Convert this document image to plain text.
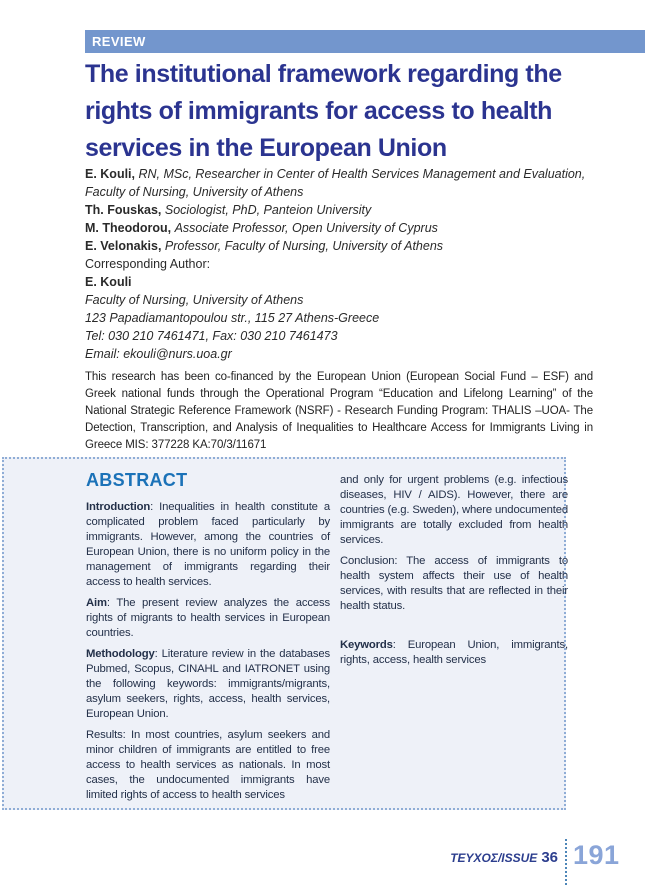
REVIEW
The institutional framework regarding the
rights of immigrants for access to health
services in the European Union
E. Kouli, RN, MSc, Researcher in Center of Health Services Management and Evaluation, Faculty of Nursing, University of Athens
Th. Fouskas, Sociologist, PhD, Panteion University
M. Theodorou, Associate Professor, Open University of Cyprus
E. Velonakis, Professor, Faculty of Nursing, University of Athens
Corresponding Author:
E. Kouli
Faculty of Nursing, University of Athens
123 Papadiamantopoulou str., 115 27 Athens-Greece
Tel: 030 210 7461471, Fax: 030 210 7461473
Email: ekouli@nurs.uoa.gr
This research has been co-financed by the European Union (European Social Fund – ESF) and Greek national funds through the Operational Program “Education and Lifelong Learning” of the National Strategic Reference Framework (NSRF) - Research Funding Program: THALIS –UOA- The Detection, Transcription, and Analysis of Inequalities to Healthcare Access for Immigrants Living in Greece MIS: 377228 KA:70/3/11671
ABSTRACT

Introduction: Inequalities in health constitute a complicated problem faced particularly by immigrants. However, among the countries of European Union, there is no uniform policy in the management of immigrants regarding their access to health services.

Aim: The present review analyzes the access rights of migrants to health services in European countries.

Methodology: Literature review in the databases Pubmed, Scopus, CINAHL and IATRONET using the following keywords: immigrants/migrants, asylum seekers, rights, access, health services, European Union.

Results: In most countries, asylum seekers and minor children of immigrants are entitled to free access to health services as nationals. In most cases, the undocumented immigrants have limited rights of access to health services

and only for urgent problems (e.g. infectious diseases, HIV / AIDS). However, there are countries (e.g. Sweden), where undocumented immigrants are totally excluded from health services.

Conclusion: The access of immigrants to health system affects their use of health services, with results that are reflected in their health status.

Keywords: European Union, immigrants, rights, access, health services

ΤΕΥΧΟΣ/ISSUE 36 191
